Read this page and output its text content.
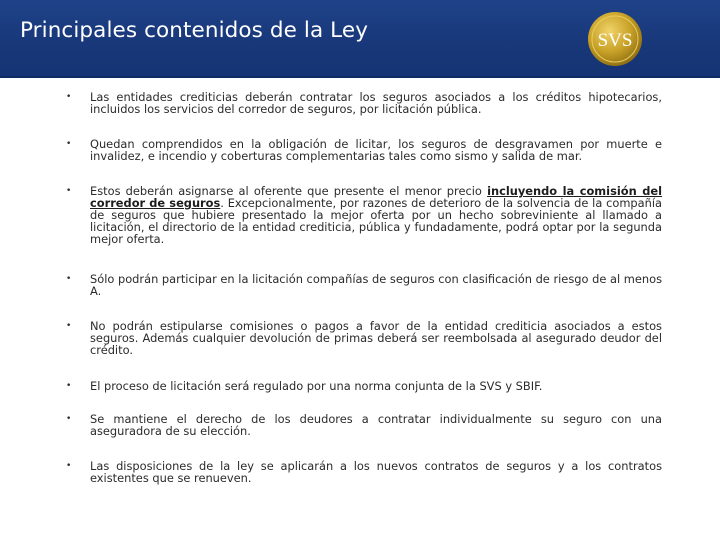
Principales contenidos de la Ley	SVS
• Las entidades crediticias deberán contratar los seguros asociados a los créditos hipotecarios, incluidos los servicios del corredor de seguros, por licitación pública.
• Quedan comprendidos en la obligación de licitar, los seguros de desgravamen por muerte e invalidez, e incendio y coberturas complementarias tales como sismo y salida de mar.
• Estos deberán asignarse al oferente que presente el menor precio incluyendo la comisión del corredor de seguros. Excepcionalmente, por razones de deterioro de la solvencia de la compañía de seguros que hubiere presentado la mejor oferta por un hecho sobreviniente al llamado a licitación, el directorio de la entidad crediticia, pública y fundadamente, podrá optar por la segunda mejor oferta.
• Sólo podrán participar en la licitación compañías de seguros con clasificación de riesgo de al menos A.
• No podrán estipularse comisiones o pagos a favor de la entidad crediticia asociados a estos seguros. Además cualquier devolución de primas deberá ser reembolsada al asegurado deudor del crédito.
• El proceso de licitación será regulado por una norma conjunta de la SVS y SBIF.
• Se mantiene el derecho de los deudores a contratar individualmente su seguro con una aseguradora de su elección.
• Las disposiciones de la ley se aplicarán a los nuevos contratos de seguros y a los contratos existentes que se renueven.
